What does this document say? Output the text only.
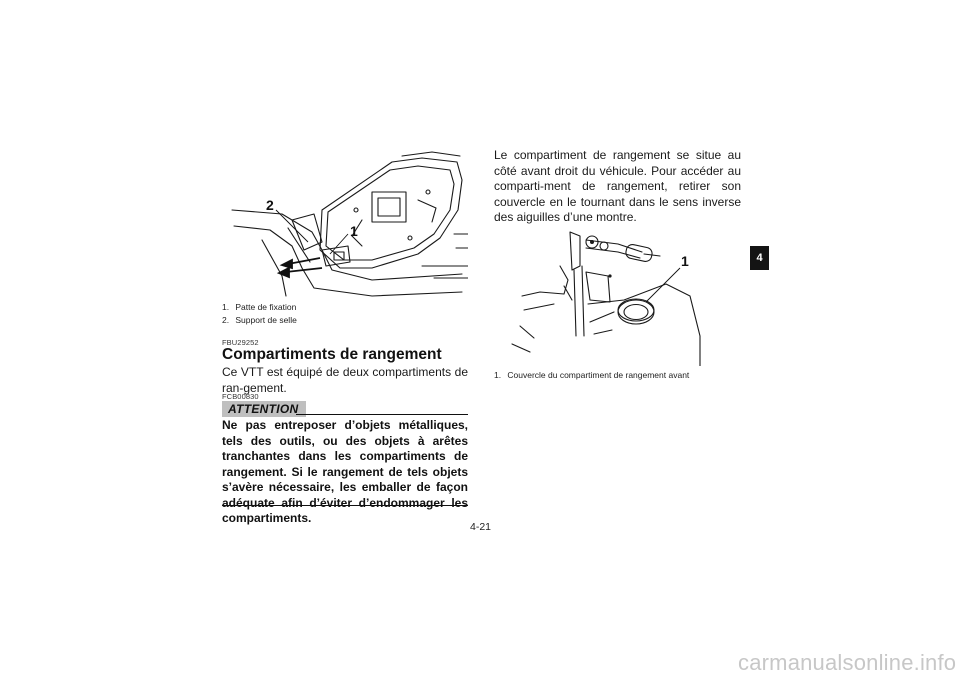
2
1
1. Patte de fixation
2. Support de selle
FBU29252
Compartiments de rangement
Ce VTT est équipé de deux compartiments de ran-gement.
FCB00830
ATTENTION
Ne pas entreposer d’objets métalliques, tels des outils, ou des objets à arêtes tranchantes dans les compartiments de rangement. Si le rangement de tels objets s’avère nécessaire, les emballer de façon adéquate afin d’éviter d’endommager les compartiments.
Le compartiment de rangement se situe au côté avant droit du véhicule. Pour accéder au comparti-ment de rangement, retirer son couvercle en le tournant dans le sens inverse des aiguilles d’une montre.
1
1. Couvercle du compartiment de rangement avant
4
4-21
carmanualsonline.info
